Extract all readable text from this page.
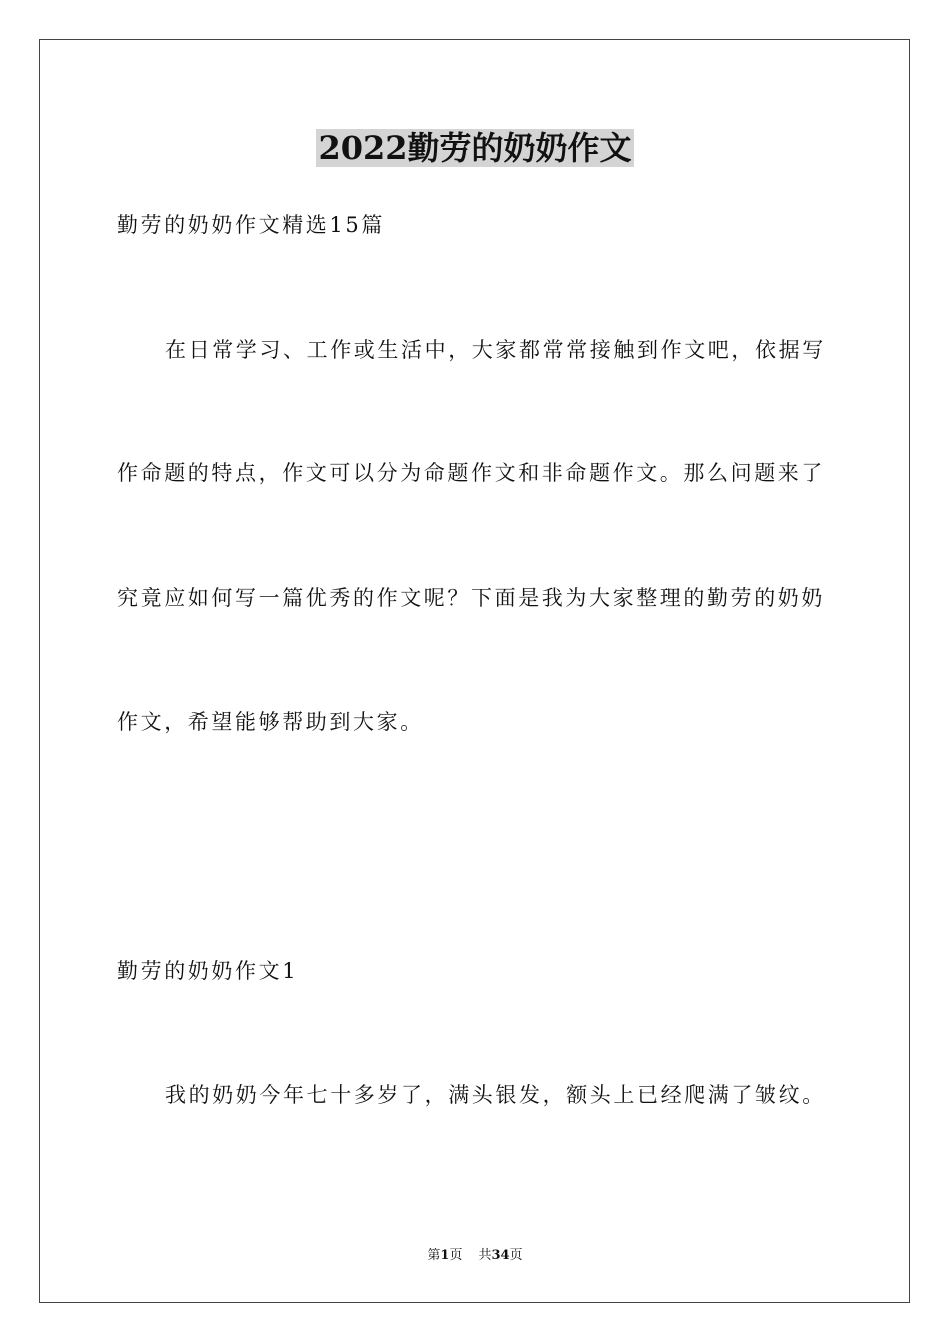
2022勤劳的奶奶作文
勤劳的奶奶作文精选15篇
在日常学习、工作或生活中，大家都常常接触到作文吧，依据写
作命题的特点，作文可以分为命题作文和非命题作文。那么问题来了
究竟应如何写一篇优秀的作文呢？下面是我为大家整理的勤劳的奶奶
作文，希望能够帮助到大家。
勤劳的奶奶作文1
我的奶奶今年七十多岁了，满头银发，额头上已经爬满了皱纹。
第1页 共34页
